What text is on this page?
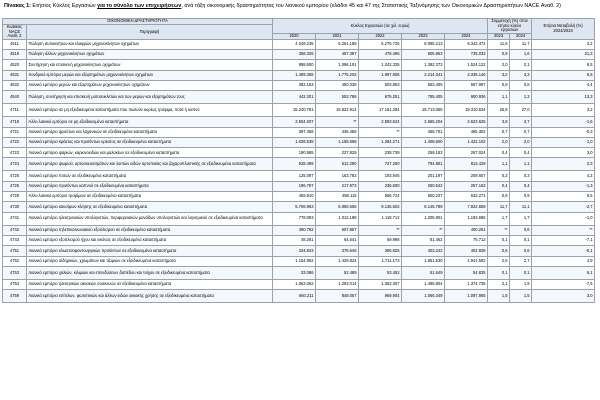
Πίνακας 1: Ετήσιος Κύκλος Εργασιών για το σύνολο των επιχειρήσεων, ανά τάξη οικονομικής δραστηριότητας του λιανικού εμπορίου (κλάδοι 45 και 47 της Στατιστικής Ταξινόμησης των Οικονομικών Δραστηριοτήτων NACE Αναθ. 2)
ΟΙΚΟΝΟΜΙΚΗ ΔΡΑΣΤΗΡΙΟΤΗΤΑ		Κύκλος Εργασιών (σε χιλ. ευρώ)					Συμμετοχή (%) στον ετήσιο κύκλο εργασιών		Ετήσια Μεταβολή (%) 2024/2023
Κωδικός NACE Αναθ. 2	Περιγραφή								
		2020	2021	2022	2023	2024	2023	2024	
4511	Πώληση αυτοκινήτων και ελαφρών μηχανοκίνητων οχημάτων	4.049.235	5.261.189	6.275.726	8.085.213	8.342.472	11,6	11,7	3,2
4519	Πώληση άλλων μηχανοκίνητων οχημάτων	358.325	467.397	478.496	605.953	735.033	0,9	1,6	21,3
4520	Συντήρηση και επισκευή μηχανοκίνητων οχημάτων	898.600	1.096.191	1.242.325	1.392.373	1.524.122	2,0	2,1	9,5
4531	Χονδρικό εμπόριο μερών και εξαρτημάτων μηχανοκίνητων οχημάτων	1.489.355	1.775.202	1.997.806	2.214.341	2.335.146	3,2	3,3	5,5
4532	Λιανικό εμπόριο μερών και εξαρτημάτων μηχανοκίνητων οχημάτων	382.183	450.338	503.863	563.406	587.997	0,8	0,8	4,4
4540	Πώληση, συντήρηση και επισκευή μοτοσυκλετών και των μερών και εξαρτημάτων τους	442.201	553.786	675.251	795.405	900.936	1,1	1,3	13,3
4711	Λιανικό εμπόριο σε μη εξειδικευμένα καταστήματα που πωλούν κυρίως τρόφιμα, ποτά ή καπνό	15.240.781	15.822.914	17.181.294	18.713.065	19.310.534	26,8	27,0	3,2
4719	Άλλο λιανικό εμπόριο σε μη εξειδικευμένα καταστήματα	2.504.607	**	2.593.624	2.665.204	2.623.625	3,8	3,7	-1,6
4721	Λιανικό εμπόριο φρούτων και λαχανικών σε εξειδικευμένα καταστήματα	397.458	436.458	**	466.701	465.302	0,7	0,7	-0,3
4722	Λιανικό εμπόριο κρέατος και προϊόντων κρέατος σε εξειδικευμένα καταστήματα	1.028.538	1.155.668	1.284.271	1.408.600	1.422.102	2,0	2,0	1,0
4723	Λιανικό εμπόριο ψαριών, καρκινοειδών και μαλακίων σε εξειδικευμένα καταστήματα	190.585	227.829	238.739	259.183	267.024	0,4	0,4	3,0
4724	Λιανικό εμπόριο ψωμιού, αρτοσκευασμάτων και λοιπών ειδών αρτοποιίας και ζαχαροπλαστικής σε εξειδικευμένα καταστήματα	528.499	612.290	727.250	794.801	813.429	1,1	1,1	2,3
4725	Λιανικό εμπόριο ποτών σε εξειδικευμένα καταστήματα	125.097	163.783	193.945	201.197	209.657	0,3	0,3	4,2
4726	Λιανικό εμπόριο προϊόντων καπνού σε εξειδικευμένα καταστήματα	195.797	217.973	236.600	260.542	257.162	0,4	0,4	-1,3
4729	Άλλο λιανικό εμπόριο τροφίμων σε εξειδικευμένα καταστήματα	459.910	498.115	556.724	600.237	633.271	0,9	0,9	5,5
4730	Λιανικό εμπόριο καυσίμων κίνησης σε εξειδικευμένα καταστήματα	5.706.963	6.950.665	9.135.602	8.145.789	7.922.659	11,7	11,1	-2,7
4741	Λιανικό εμπόριο ηλεκτρονικών υπολογιστών, περιφερειακών μονάδων υπολογιστών και λογισμικού σε εξειδικευμένα καταστήματα	778.093	1.012.188	1.118.712	1.205.901	1.193.686	1,7	1,7	-1,0
4742	Λιανικό εμπόριο τηλεπικοινωνιακού εξοπλισμού σε εξειδικευμένα καταστήματα	490.792	607.857	**	**	400.261	**	0,6	**
4743	Λιανικό εμπόριο εξοπλισμού ήχου και εικόνας σε εξειδικευμένα καταστήματα	48.291	64.641	69.998	81.462	75.712	0,1	0,1	-7,1
4751	Λιανικό εμπόριο κλωστοϋφαντουργικών προϊόντων σε εξειδικευμένα καταστήματα	334.833	376.646	396.825	403.242	402.928	0,6	0,6	-0,1
4752	Λιανικό εμπόριο σιδηρικών, χρωμάτων και τζαμιών σε εξειδικευμένα καταστήματα	1.154.962	1.429.824	1.711.173	1.851.530	1.941.582	2,6	2,7	4,9
4753	Λιανικό εμπόριο χαλιών, κιλιμιών και επενδύσεων δαπέδου και τοίχου σε εξειδικευμένα καταστήματα	33.086	52.489	53.452	51.649	54.835	0,1	0,1	6,1
4754	Λιανικό εμπόριο ηλεκτρικών οικιακών συσκευών σε εξειδικευμένα καταστήματα	1.063.062	1.283.014	1.353.367	1.485.804	1.374.735	2,1	1,9	-7,5
4759	Λιανικό εμπόριο επίπλων, φωτιστικών και άλλων ειδών οικιακής χρήσης σε εξειδικευμένα καταστήματα	660.211	848.057	969.904	1.066.349	1.097.865	1,5	1,5	3,0
